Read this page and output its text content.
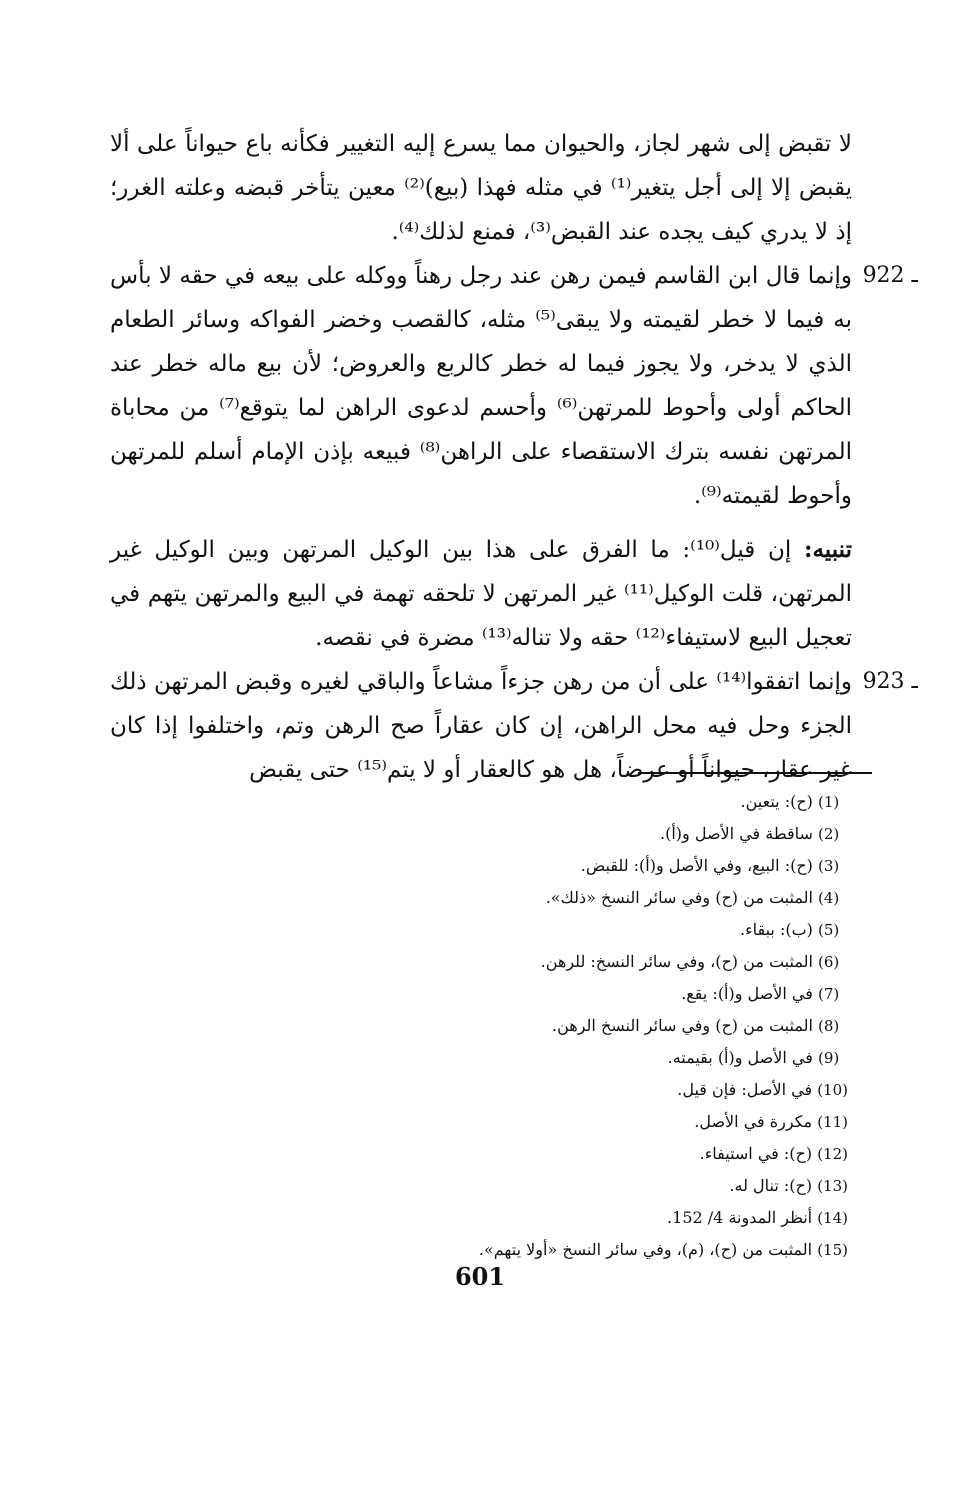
لا تقبض إلى شهر لجاز، والحيوان مما يسرع إليه التغيير فكأنه باع حيواناً على ألا يقبض إلا إلى أجل يتغير⁽¹⁾ في مثله فهذا (بيع)⁽²⁾ معين يتأخر قبضه وعلته الغرر؛ إذ لا يدري كيف يجده عند القبض⁽³⁾، فمنع لذلك⁽⁴⁾.

922 ـ

وإنما قال ابن القاسم فيمن رهن عند رجل رهناً ووكله على بيعه في حقه لا بأس به فيما لا خطر لقيمته ولا يبقى⁽⁵⁾ مثله، كالقصب وخضر الفواكه وسائر الطعام الذي لا يدخر، ولا يجوز فيما له خطر كالربع والعروض؛ لأن بيع ماله خطر عند الحاكم أولى وأحوط للمرتهن⁽⁶⁾ وأحسم لدعوى الراهن لما يتوقع⁽⁷⁾ من محاباة المرتهن نفسه بترك الاستقصاء على الراهن⁽⁸⁾ فبيعه بإذن الإمام أسلم للمرتهن وأحوط لقيمته⁽⁹⁾.

تنبيه: إن قيل⁽¹⁰⁾: ما الفرق على هذا بين الوكيل المرتهن وبين الوكيل غير المرتهن، قلت الوكيل⁽¹¹⁾ غير المرتهن لا تلحقه تهمة في البيع والمرتهن يتهم في تعجيل البيع لاستيفاء⁽¹²⁾ حقه ولا تناله⁽¹³⁾ مضرة في نقصه.

923 ـ

وإنما اتفقوا⁽¹⁴⁾ على أن من رهن جزءاً مشاعاً والباقي لغيره وقبض المرتهن ذلك الجزء وحل فيه محل الراهن، إن كان عقاراً صح الرهن وتم، واختلفوا إذا كان غير عقار، حيواناً أو عرضاً، هل هو كالعقار أو لا يتم⁽¹⁵⁾ حتى يقبض

(1) (ح): يتعين.
(2) ساقطة في الأصل و(أ).
(3) (ح): البيع، وفي الأصل و(أ): للقبض.
(4) المثبت من (ح) وفي سائر النسخ «ذلك».
(5) (ب): ببقاء.
(6) المثبت من (ح)، وفي سائر النسخ: للرهن.
(7) في الأصل و(أ): يقع.
(8) المثبت من (ح) وفي سائر النسخ الرهن.
(9) في الأصل و(أ) بقيمته.
(10) في الأصل: فإن قيل.
(11) مكررة في الأصل.
(12) (ح): في استيفاء.
(13) (ح): تنال له.
(14) أنظر المدونة 4/ 152.
(15) المثبت من (ح)، (م)، وفي سائر النسخ «أولا يتهم».
601
